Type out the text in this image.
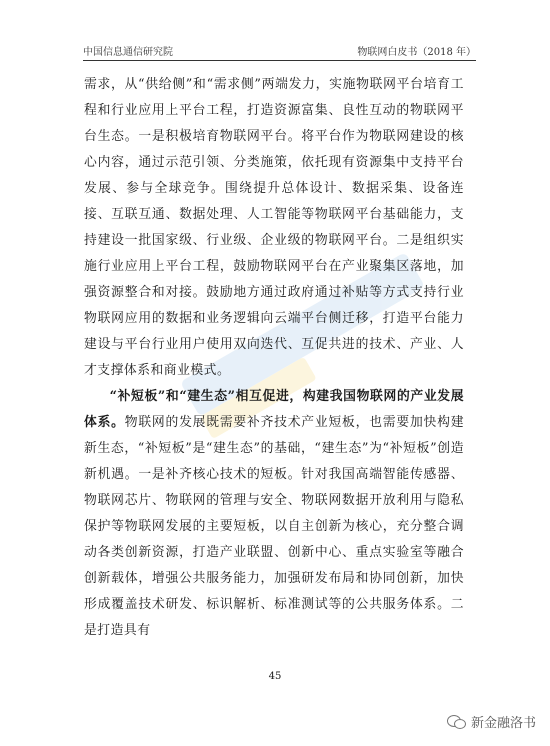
中国信息通信研究院	物联网白皮书（2018 年）

需求，从“供给侧”和“需求侧”两端发力，实施物联网平台培育工程和行业应用上平台工程，打造资源富集、良性互动的物联网平台生态。一是积极培育物联网平台。将平台作为物联网建设的核心内容，通过示范引领、分类施策，依托现有资源集中支持平台发展、参与全球竞争。围绕提升总体设计、数据采集、设备连接、互联互通、数据处理、人工智能等物联网平台基础能力，支持建设一批国家级、行业级、企业级的物联网平台。二是组织实施行业应用上平台工程，鼓励物联网平台在产业聚集区落地，加强资源整合和对接。鼓励地方通过政府通过补贴等方式支持行业物联网应用的数据和业务逻辑向云端平台侧迁移，打造平台能力建设与平台行业用户使用双向迭代、互促共进的技术、产业、人才支撑体系和商业模式。

“补短板”和“建生态”相互促进，构建我国物联网的产业发展体系。物联网的发展既需要补齐技术产业短板，也需要加快构建新生态，“补短板”是“建生态”的基础，“建生态”为“补短板”创造新机遇。一是补齐核心技术的短板。针对我国高端智能传感器、物联网芯片、物联网的管理与安全、物联网数据开放利用与隐私保护等物联网发展的主要短板，以自主创新为核心，充分整合调动各类创新资源，打造产业联盟、创新中心、重点实验室等融合创新载体，增强公共服务能力，加强研发布局和协同创新，加快形成覆盖技术研发、标识解析、标准测试等的公共服务体系。二是打造具有

45
新金融洛书
